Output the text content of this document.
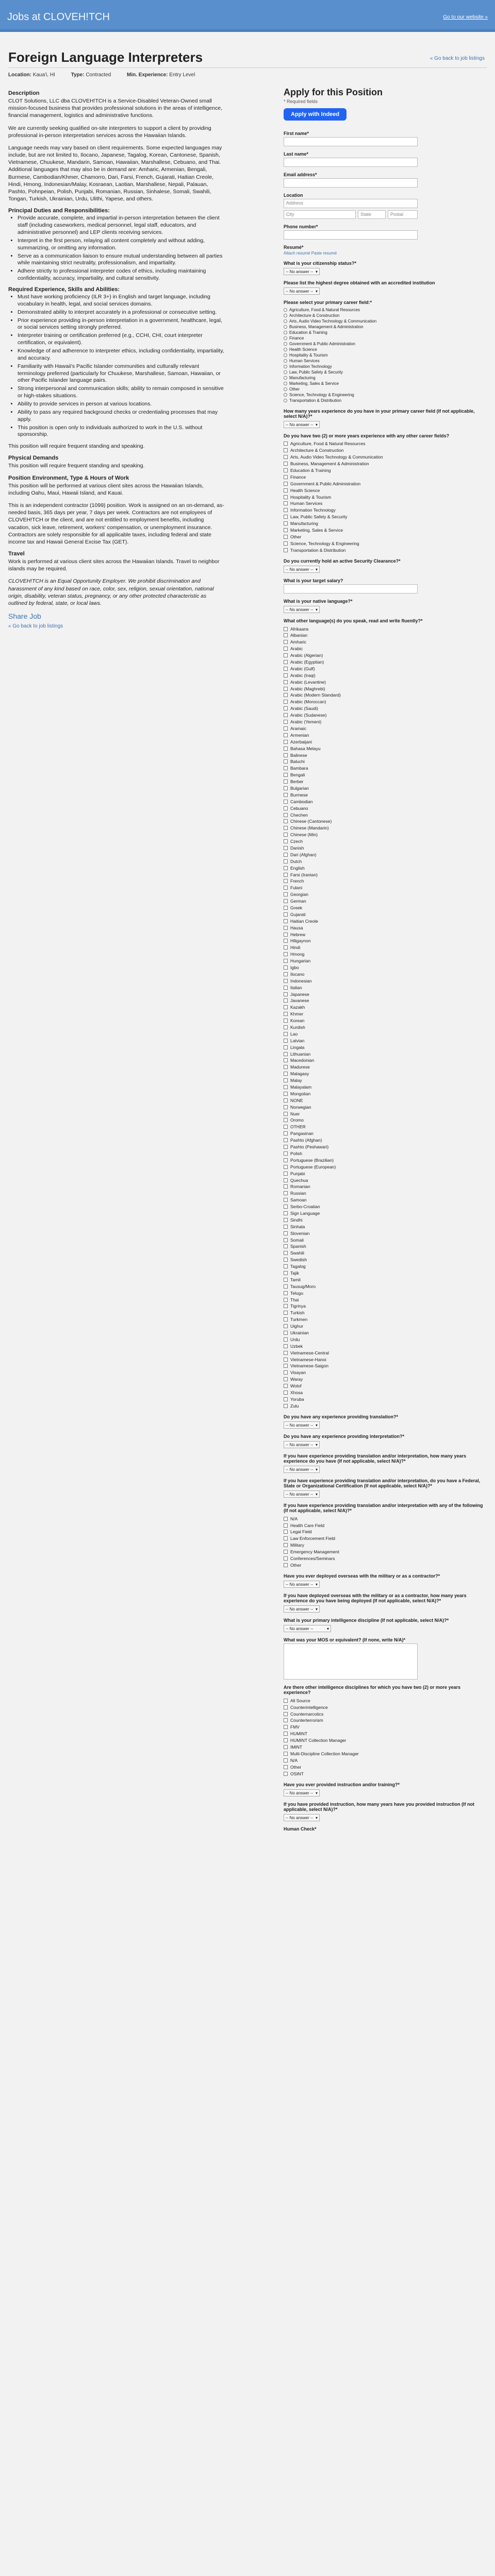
Jobs at CLOVEH!TCH	Go to our website »
« Go back to job listings
Foreign Language Interpreters
Location: Kaua'i, HI	Type: Contracted	Min. Experience: Entry Level
Description

CLOT Solutions, LLC dba CLOVEH!TCH is a Service-Disabled Veteran-Owned small mission-focused business that provides professional solutions in the areas of intelligence, financial management, logistics and administrative functions.

We are currently seeking qualified on-site interpreters to support a client by providing professional in-person interpretation services across the Hawaiian Islands.

Language needs may vary based on client requirements. Some expected languages may include, but are not limited to, Ilocano, Japanese, Tagalog, Korean, Cantonese, Spanish, Vietnamese, Chuukese, Mandarin, Samoan, Hawaiian, Marshallese, Cebuano, and Thai. Additional languages that may also be in demand are: Amharic, Armenian, Bengali, Burmese, Cambodian/Khmer, Chamorro, Dari, Farsi, French, Gujarati, Haitian Creole, Hindi, Hmong, Indonesian/Malay, Kosraean, Laotian, Marshallese, Nepali, Palauan, Pashto, Pohnpeian, Polish, Punjabi, Romanian, Russian, Sinhalese, Somali, Swahili, Tongan, Turkish, Ukrainian, Urdu, Ulithi, Yapese, and others.

Principal Duties and Responsibilities:
• Provide accurate, complete, and impartial in-person interpretation between the client staff (including caseworkers, medical personnel, legal staff, educators, and administrative personnel) and LEP clients receiving services.
• Interpret in the first person, relaying all content completely and without adding, summarizing, or omitting any information.
• Serve as a communication liaison to ensure mutual understanding between all parties while maintaining strict neutrality, professionalism, and impartiality.
• Adhere strictly to professional interpreter codes of ethics, including maintaining confidentiality, accuracy, impartiality, and cultural sensitivity.
Required Experience, Skills and Abilities:
• Must have working proficiency (ILR 3+) in English and target language, including vocabulary in health, legal, and social services domains.
• Demonstrated ability to interpret accurately in a professional or consecutive setting.
• Prior experience providing in-person interpretation in a government, healthcare, legal, or social services setting strongly preferred.
• Interpreter training or certification preferred (e.g., CCHI, CHI, court interpreter certification, or equivalent).
• Knowledge of and adherence to interpreter ethics, including confidentiality, impartiality, and accuracy.
• Familiarity with Hawaii's Pacific Islander communities and culturally relevant terminology preferred (particularly for Chuukese, Marshallese, Samoan, Hawaiian, or other Pacific Islander language pairs.
• Strong interpersonal and communication skills; ability to remain composed in sensitive or high-stakes situations.
• Ability to provide services in person at various locations.
• Ability to pass any required background checks or credentialing processes that may apply.
• This position is open only to individuals authorized to work in the U.S. without sponsorship.

This position will require frequent standing and speaking.

Physical Demands

This position will require frequent standing and speaking.

Position Environment, Type & Hours of Work

This position will be performed at various client sites across the Hawaiian Islands, including Oahu, Maui, Hawaii Island, and Kauai.

This is an independent contractor (1099) position. Work is assigned on an on-demand, as-needed basis, 365 days per year, 7 days per week. Contractors are not employees of CLOVEH!TCH or the client, and are not entitled to employment benefits, including vacation, sick leave, retirement, workers' compensation, or unemployment insurance. Contractors are solely responsible for all applicable taxes, including federal and state income tax and Hawaii General Excise Tax (GET).

Travel

Work is performed at various client sites across the Hawaiian Islands. Travel to neighbor islands may be required.

CLOVEH!TCH is an Equal Opportunity Employer. We prohibit discrimination and harassment of any kind based on race, color, sex, religion, sexual orientation, national origin, disability, veteran status, pregnancy, or any other protected characteristic as outlined by federal, state, or local laws.

Share Job
« Go back to job listings
Apply for this Position
* Required fields
Apply with Indeed
First name*
Last name*
Email address*
Location
Address
City	State	Postal
Phone number*
Resumé*
Attach resumé Paste resumé
What is your citizenship status?*
-- No answer -- ▾
Please list the highest degree obtained with an accredited institution
-- No answer -- ▾
Please select your primary career field:*
Agriculture, Food & Natural Resources
Architecture & Construction
Arts, Audio Video Technology & Communication
Business, Management & Administration
Education & Training
Finance
Government & Public Administration
Health Science
Hospitality & Tourism
Human Services
Information Technology
Law, Public Safety & Security
Manufacturing
Marketing, Sales & Service
Other
Science, Technology & Engineering
Transportation & Distribution
How many years experience do you have in your primary career field (If not applicable, select N/A)?*
-- No answer -- ▾
Do you have two (2) or more years experience with any other career fields?
Agriculture, Food & Natural Resources
Architecture & Construction
Arts, Audio Video Technology & Communication
Business, Management & Administration
Education & Training
Finance
Government & Public Administration
Health Science
Hospitality & Tourism
Human Services
Information Technology
Law, Public Safety & Security
Manufacturing
Marketing, Sales & Service
Other
Science, Technology & Engineering
Transportation & Distribution
Do you currently hold an active Security Clearance?*
-- No answer -- ▾
What is your target salary?
What is your native language?*
-- No answer -- ▾
What other language(s) do you speak, read and write fluently?*
Afrikaans
Albanian
Amharic
Arabic
Arabic (Algerian)
Arabic (Egyptian)
Arabic (Gulf)
Arabic (Iraqi)
Arabic (Levantine)
Arabic (Maghrebi)
Arabic (Modern Standard)
Arabic (Moroccan)
Arabic (Saudi)
Arabic (Sudanese)
Arabic (Yemeni)
Aramaic
Armenian
Azerbaijani
Bahasa Melayu
Balinese
Baluchi
Bambara
Bengali
Berber
Bulgarian
Burmese
Cambodian
Cebuano
Chechen
Chinese (Cantonese)
Chinese (Mandarin)
Chinese (Min)
Czech
Danish
Dari (Afghan)
Dutch
English
Farsi (Iranian)
French
Fulani
Georgian
German
Greek
Gujarati
Haitian Creole
Hausa
Hebrew
Hiligaynon
Hindi
Hmong
Hungarian
Igbo
Ilocano
Indonesian
Italian
Japanese
Javanese
Kazakh
Khmer
Korean
Kurdish
Lao
Latvian
Lingala
Lithuanian
Macedonian
Madurese
Malagasy
Malay
Malayalam
Mongolian
NONE
Norwegian
Nuer
Oromo
OTHER
Pangasinan
Pashto (Afghan)
Pashto (Peshawari)
Polish
Portuguese (Brazilian)
Portuguese (European)
Punjabi
Quechua
Romanian
Russian
Samoan
Serbo-Croatian
Sign Language
Sindhi
Sinhala
Slovenian
Somali
Spanish
Swahili
Swedish
Tagalog
Tajik
Tamil
Tausug/Moro
Telugu
Thai
Tigrinya
Turkish
Turkmen
Uighur
Ukrainian
Urdu
Uzbek
Vietnamese-Central
Vietnamese-Hanoi
Vietnamese-Saigon
Visayan
Waray
Wolof
Xhosa
Yoruba
Zulu
Do you have any experience providing translation?*
-- No answer -- ▾
Do you have any experience providing interpretation?*
-- No answer -- ▾
If you have experience providing translation and/or interpretation, how many years experience do you have (If not applicable, select N/A)?*
-- No answer -- ▾
If you have experience providing translation and/or interpretation, do you have a Federal, State or Organizational Certification (If not applicable, select N/A)?*
-- No answer -- ▾
If you have experience providing translation and/or interpretation with any of the following (If not applicable, select N/A)?*
N/A
Health Care Field
Legal Field
Law Enforcement Field
Military
Emergency Management
Conferences/Seminars
Other
Have you ever deployed overseas with the military or as a contractor?*
-- No answer -- ▾
If you have deployed overseas with the military or as a contractor, how many years experience do you have being deployed (If not applicable, select N/A)?*
-- No answer -- ▾
What is your primary intelligence discipline (If not applicable, select N/A)?*
-- No answer -- ▾
What was your MOS or equivalent? (If none, write N/A)*
Are there other intelligence disciplines for which you have two (2) or more years experience?
All Source
Counterintelligence
Counternarcotics
Counterterrorism
FMV
HUMINT
HUMINT Collection Manager
IMINT
Multi-Discipline Collection Manager
N/A
Other
OSINT
Have you ever provided instruction and/or training?*
-- No answer -- ▾
If you have provided instruction, how many years have you provided instruction (If not applicable, select N/A)?*
-- No answer -- ▾
Human Check*
